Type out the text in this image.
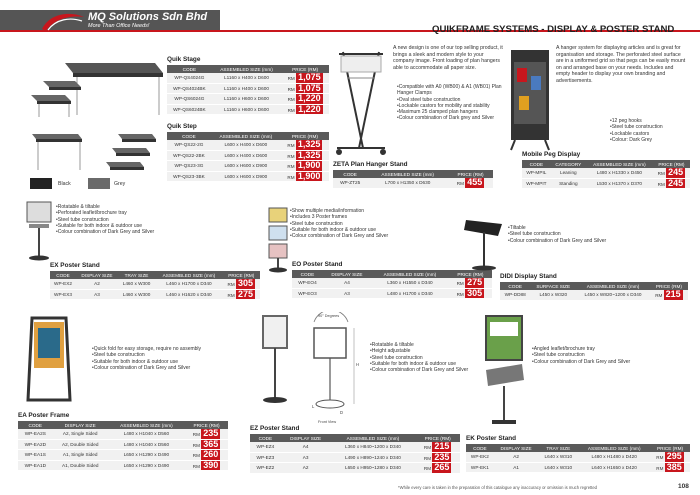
MQ Solutions Sdn Bhd
More Than Office Needs!	QUIKFRAME SYSTEMS - DISPLAY & POSTER STAND
Quik Stage
CODE	ASSEMBLED SIZE (mm)	PRICE (RM)
WP-QS4024G	L1160 x H400 x D600	RM 1,075
WP-QS4024BK	L1160 x H400 x D600	RM 1,075
WP-QS6024G	L1160 x H600 x D600	RM 1,220
WP-QS6024BK	L1160 x H600 x D600	RM 1,220
Black	Grey
Quik Step
CODE	ASSEMBLED SIZE (mm)	PRICE (RM)
WP-QS22-2G	L600 x H400 x D600	RM 1,325
WP-QS22-2BK	L600 x H400 x D600	RM 1,325
WP-QS23-3G	L600 x H600 x D900	RM 1,900
WP-QS23-3BK	L600 x H600 x D900	RM 1,900
A new design is one of our top selling product, it brings a sleek and modern style to your company image. Front loading of plan hangers able to accommodate all paper size.
• Compatible with A0 (WB00) & A1 (WB01) Plan Hanger Clamps
• Oval steel tube construction
• Lockable castors for mobility and stability
• Maximum 25 clamped plan hangers
• Colour combination of Dark grey and Silver
ZETA Plan Hanger Stand
CODE	ASSEMBLED SIZE (mm)	PRICE (RM)
WP-ZT25	L700 x H1350 x D630	RM 455
A hanger system for displaying articles and is great for organisation and storage. The perforated steel surface are in a uniformed grid so that pegs can be easily mount on and arranged base on your needs. Includes and empty header to display your own branding and advertisements.
• 12 peg hooks
• Steel tube construction
• Lockable castors
• Colour: Dark Grey
Mobile Peg Display
CODE	CATEGORY	ASSEMBLED SIZE (mm)	PRICE (RM)
WP-MPIL	Leaning	L480 x H1330 x D450	RM 245
WP-MPIT	Standing	L530 x H1370 x D370	RM 245
• Rotatable & tiltable
• Perforated leaflet/brochure tray
• Steel tube construction
• Suitable for both indoor & outdoor use
• Colour combination of Dark Grey and Silver
EX Poster Stand
CODE	DISPLAY SIZE	TRAY SIZE	ASSEMBLED SIZE (mm)	PRICE (RM)
WP-EX2	A2	L460 x W300	L460 x H1700 x D340	RM 305
WP-EX3	A3	L460 x W300	L460 x H1620 x D340	RM 275
• Show multiple media/information
• Includes 3 Poster frames
• Steel tube construction
• Suitable for both indoor & outdoor use
• Colour combination of Dark Grey and Silver
EO Poster Stand
CODE	DISPLAY SIZE	ASSEMBLED SIZE (mm)	PRICE (RM)
WP-EO4	A4	L360 x H1550 x D340	RM 275
WP-EO3	A3	L480 x H1700 x D340	RM 305
• Tiltable
• Steel tube construction
• Colour combination of Dark Grey and Silver
DIDI Display Stand
CODE	SURFACE SIZE	ASSEMBLED SIZE (mm)	PRICE (RM)
WP-DD88	L450 x W320	L450 x W820~1200 x D340	RM 215
• Quick fold for easy storage, require no assembly
• Steel tube construction
• Suitable for both indoor & outdoor use
• Colour combination of Dark Grey and Silver
EA Poster Frame
CODE	DISPLAY SIZE	ASSEMBLED SIZE (mm)	PRICE (RM)
WP-EA2S	A2, Single Sided	L480 x H1040 x D560	RM 235
WP-EA2D	A2, Double Sided	L480 x H1040 x D560	RM 365
WP-EA1S	A1, Single Sided	L650 x H1290 x D490	RM 260
WP-EA1D	A1, Double Sided	L650 x H1290 x D490	RM 390
90° Degrees
H
L
D
Front View
• Rotatable & tiltable
• Height adjustable
• Steel tube construction
• Suitable for both indoor & outdoor use
• Colour combination of Dark Grey and Silver
EZ Poster Stand
CODE	DISPLAY SIZE	ASSEMBLED SIZE (mm)	PRICE (RM)
WP-EZ4	A4	L360 x H840~1200 x D340	RM 215
WP-EZ3	A3	L490 x H890~1240 x D340	RM 235
WP-EZ2	A2	L650 x H950~1280 x D340	RM 265
• Angled leaflet/brochure tray
• Steel tube construction
• Colour combination of Dark Grey and Silver
EK Poster Stand
CODE	DISPLAY SIZE	TRAY SIZE	ASSEMBLED SIZE (mm)	PRICE (RM)
WP-EK2	A2	L640 x W310	L480 x H1480 x D420	RM 295
WP-EK1	A1	L640 x W310	L640 x H1650 x D420	RM 385
*While every care is taken in the preparation of this catalogue any inaccuracy or omission is much regretted	108
